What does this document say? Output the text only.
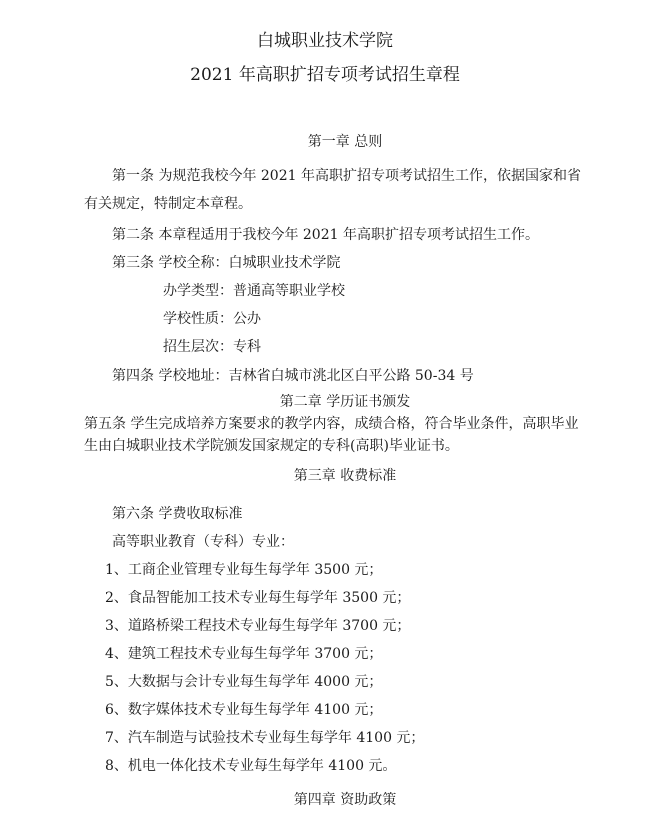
白城职业技术学院
2021 年高职扩招专项考试招生章程
第一章 总则
第一条 为规范我校今年 2021 年高职扩招专项考试招生工作，依据国家和省
有关规定，特制定本章程。
第二条 本章程适用于我校今年 2021 年高职扩招专项考试招生工作。
第三条 学校全称：白城职业技术学院
办学类型：普通高等职业学校
学校性质：公办
招生层次：专科
第四条 学校地址：吉林省白城市洮北区白平公路 50-34 号
第二章 学历证书颁发
第五条 学生完成培养方案要求的教学内容，成绩合格，符合毕业条件，高职毕业生由白城职业技术学院颁发国家规定的专科(高职)毕业证书。
第三章 收费标准
第六条 学费收取标准
高等职业教育（专科）专业：
1、工商企业管理专业每生每学年 3500 元；
2、食品智能加工技术专业每生每学年 3500 元；
3、道路桥梁工程技术专业每生每学年 3700 元；
4、建筑工程技术专业每生每学年 3700 元；
5、大数据与会计专业每生每学年 4000 元；
6、数字媒体技术专业每生每学年 4100 元；
7、汽车制造与试验技术专业每生每学年 4100 元；
8、机电一体化技术专业每生每学年 4100 元。
第四章 资助政策
